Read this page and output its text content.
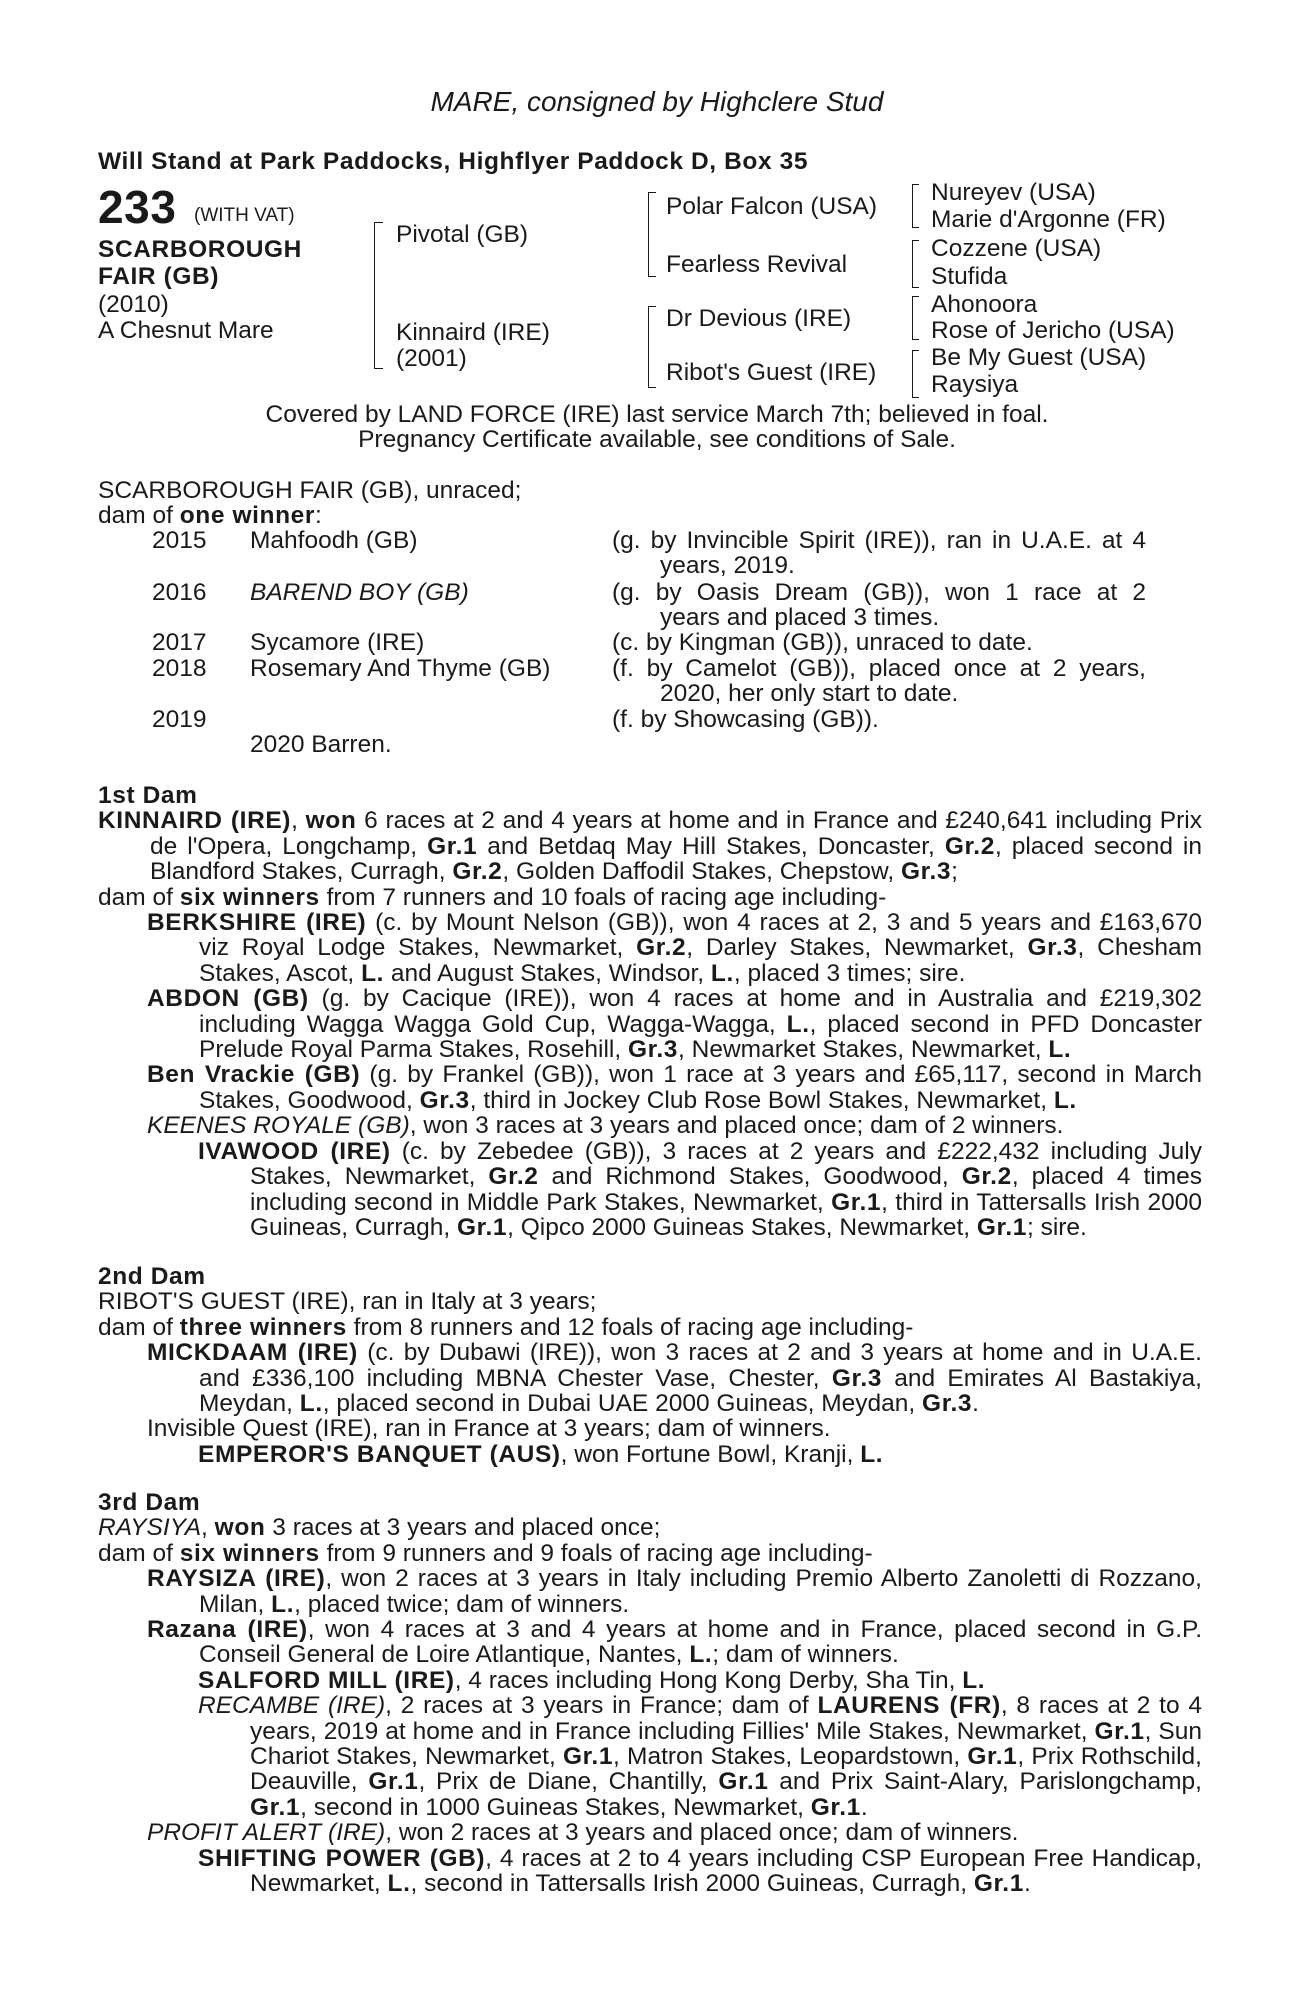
MARE, consigned by Highclere Stud
Will Stand at Park Paddocks, Highflyer Paddock D, Box 35
233 (WITH VAT)
SCARBOROUGH
FAIR (GB)
(2010)
A Chesnut Mare
Pivotal (GB)
Kinnaird (IRE)
(2001)
Polar Falcon (USA)
Fearless Revival
Dr Devious (IRE)
Ribot's Guest (IRE)
Nureyev (USA)
Marie d'Argonne (FR)
Cozzene (USA)
Stufida
Ahonoora
Rose of Jericho (USA)
Be My Guest (USA)
Raysiya
Covered by LAND FORCE (IRE) last service March 7th; believed in foal.
Pregnancy Certificate available, see conditions of Sale.
SCARBOROUGH FAIR (GB), unraced;
dam of one winner:
2015 Mahfoodh (GB)	(g. by Invincible Spirit (IRE)), ran in U.A.E. at 4
years, 2019.
2016 BAREND BOY (GB)	(g. by Oasis Dream (GB)), won 1 race at 2
years and placed 3 times.
2017 Sycamore (IRE)	(c. by Kingman (GB)), unraced to date.
2018 Rosemary And Thyme (GB)	(f. by Camelot (GB)), placed once at 2 years,
2020, her only start to date.
2019	(f. by Showcasing (GB)).
2020 Barren.

1st Dam

KINNAIRD (IRE), won 6 races at 2 and 4 years at home and in France and £240,641 including Prix de l'Opera, Longchamp, Gr.1 and Betdaq May Hill Stakes, Doncaster, Gr.2, placed second in Blandford Stakes, Curragh, Gr.2, Golden Daffodil Stakes, Chepstow, Gr.3;

dam of six winners from 7 runners and 10 foals of racing age including-

BERKSHIRE (IRE) (c. by Mount Nelson (GB)), won 4 races at 2, 3 and 5 years and £163,670 viz Royal Lodge Stakes, Newmarket, Gr.2, Darley Stakes, Newmarket, Gr.3, Chesham Stakes, Ascot, L. and August Stakes, Windsor, L., placed 3 times; sire.

ABDON (GB) (g. by Cacique (IRE)), won 4 races at home and in Australia and £219,302 including Wagga Wagga Gold Cup, Wagga-Wagga, L., placed second in PFD Doncaster Prelude Royal Parma Stakes, Rosehill, Gr.3, Newmarket Stakes, Newmarket, L.

Ben Vrackie (GB) (g. by Frankel (GB)), won 1 race at 3 years and £65,117, second in March Stakes, Goodwood, Gr.3, third in Jockey Club Rose Bowl Stakes, Newmarket, L.

KEENES ROYALE (GB), won 3 races at 3 years and placed once; dam of 2 winners.

IVAWOOD (IRE) (c. by Zebedee (GB)), 3 races at 2 years and £222,432 including July Stakes, Newmarket, Gr.2 and Richmond Stakes, Goodwood, Gr.2, placed 4 times including second in Middle Park Stakes, Newmarket, Gr.1, third in Tattersalls Irish 2000 Guineas, Curragh, Gr.1, Qipco 2000 Guineas Stakes, Newmarket, Gr.1; sire.

2nd Dam

RIBOT'S GUEST (IRE), ran in Italy at 3 years;

dam of three winners from 8 runners and 12 foals of racing age including-

MICKDAAM (IRE) (c. by Dubawi (IRE)), won 3 races at 2 and 3 years at home and in U.A.E. and £336,100 including MBNA Chester Vase, Chester, Gr.3 and Emirates Al Bastakiya, Meydan, L., placed second in Dubai UAE 2000 Guineas, Meydan, Gr.3.

Invisible Quest (IRE), ran in France at 3 years; dam of winners.

EMPEROR'S BANQUET (AUS), won Fortune Bowl, Kranji, L.

3rd Dam

RAYSIYA, won 3 races at 3 years and placed once;

dam of six winners from 9 runners and 9 foals of racing age including-

RAYSIZA (IRE), won 2 races at 3 years in Italy including Premio Alberto Zanoletti di Rozzano, Milan, L., placed twice; dam of winners.

Razana (IRE), won 4 races at 3 and 4 years at home and in France, placed second in G.P. Conseil General de Loire Atlantique, Nantes, L.; dam of winners.

SALFORD MILL (IRE), 4 races including Hong Kong Derby, Sha Tin, L.

RECAMBE (IRE), 2 races at 3 years in France; dam of LAURENS (FR), 8 races at 2 to 4 years, 2019 at home and in France including Fillies' Mile Stakes, Newmarket, Gr.1, Sun Chariot Stakes, Newmarket, Gr.1, Matron Stakes, Leopardstown, Gr.1, Prix Rothschild, Deauville, Gr.1, Prix de Diane, Chantilly, Gr.1 and Prix Saint-Alary, Parislongchamp, Gr.1, second in 1000 Guineas Stakes, Newmarket, Gr.1.

PROFIT ALERT (IRE), won 2 races at 3 years and placed once; dam of winners.

SHIFTING POWER (GB), 4 races at 2 to 4 years including CSP European Free Handicap, Newmarket, L., second in Tattersalls Irish 2000 Guineas, Curragh, Gr.1.
